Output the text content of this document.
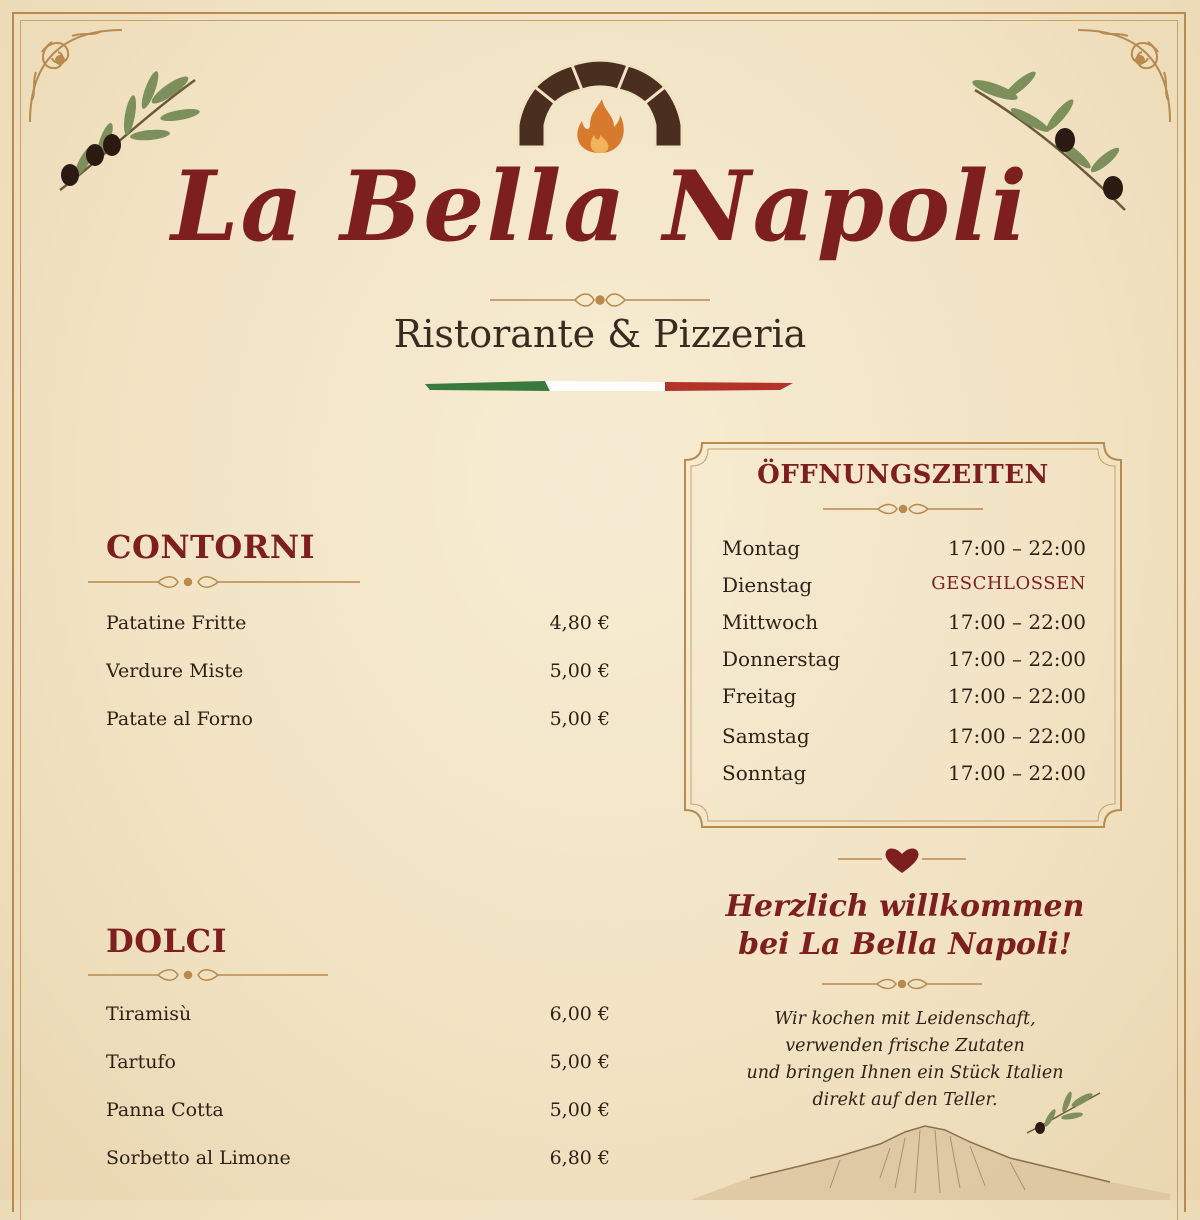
La Bella Napoli
Ristorante & Pizzeria
CONTORNI
Patatine Fritte	4,80 €
Verdure Miste	5,00 €
Patate al Forno	5,00 €
DOLCI
Tiramisù	6,00 €
Tartufo	5,00 €
Panna Cotta	5,00 €
Sorbetto al Limone	6,80 €
ÖFFNUNGSZEITEN
Montag	17:00 – 22:00
Dienstag	GESCHLOSSEN
Mittwoch	17:00 – 22:00
Donnerstag	17:00 – 22:00
Freitag	17:00 – 22:00
Samstag	17:00 – 22:00
Sonntag	17:00 – 22:00
Herzlich willkommen
bei La Bella Napoli!
Wir kochen mit Leidenschaft,
verwenden frische Zutaten
und bringen Ihnen ein Stück Italien
direkt auf den Teller.
